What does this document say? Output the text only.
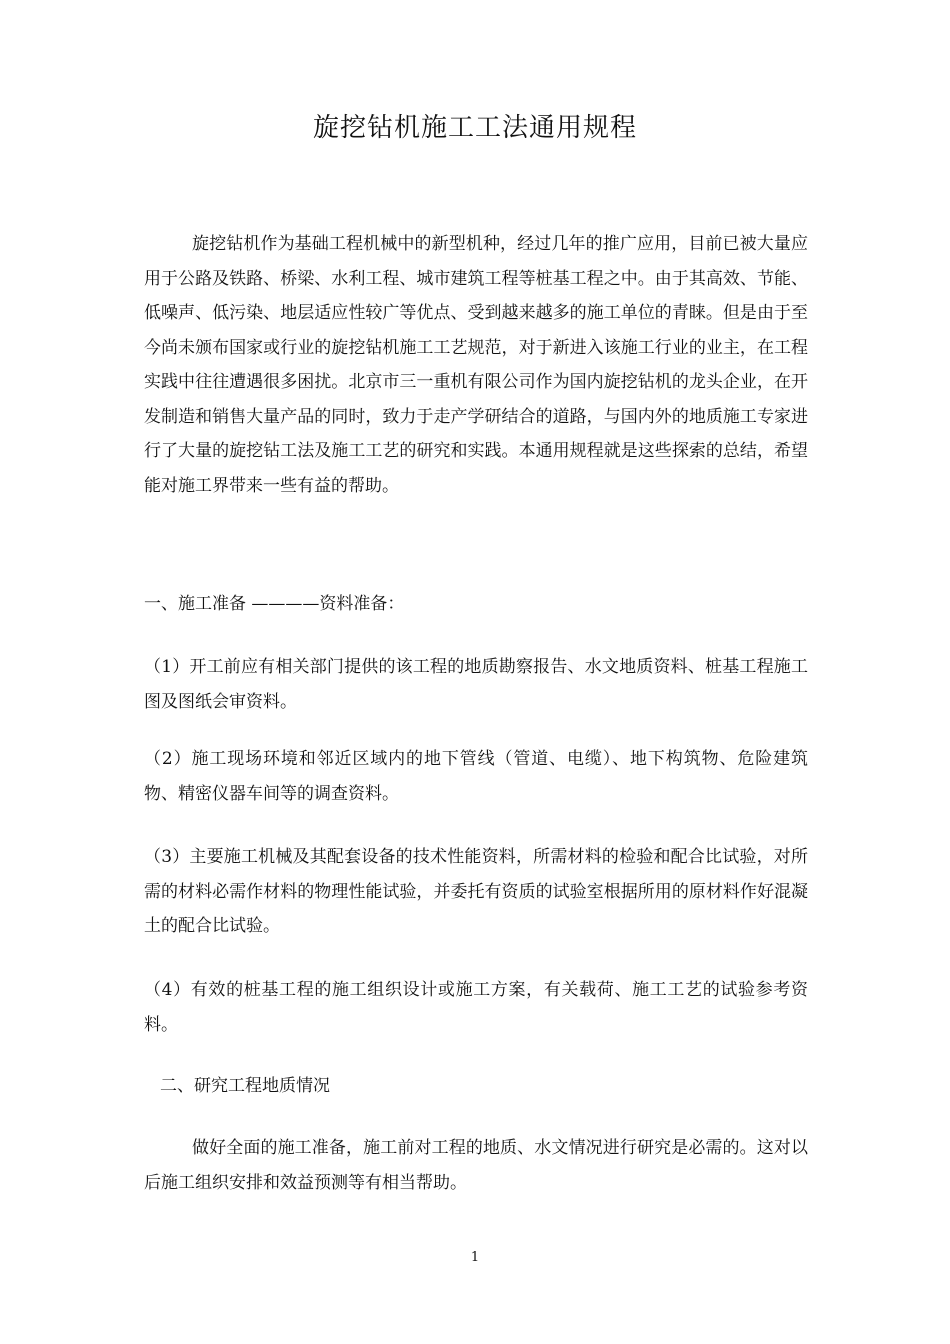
旋挖钻机施工工法通用规程

旋挖钻机作为基础工程机械中的新型机种，经过几年的推广应用，目前已被大量应用于公路及铁路、桥梁、水利工程、城市建筑工程等桩基工程之中。由于其高效、节能、低噪声、低污染、地层适应性较广等优点、受到越来越多的施工单位的青睐。但是由于至今尚未颁布国家或行业的旋挖钻机施工工艺规范，对于新进入该施工行业的业主，在工程实践中往往遭遇很多困扰。北京市三一重机有限公司作为国内旋挖钻机的龙头企业，在开发制造和销售大量产品的同时，致力于走产学研结合的道路，与国内外的地质施工专家进行了大量的旋挖钻工法及施工工艺的研究和实践。本通用规程就是这些探索的总结，希望能对施工界带来一些有益的帮助。

一、施工准备 ————资料准备：

（1）开工前应有相关部门提供的该工程的地质勘察报告、水文地质资料、桩基工程施工图及图纸会审资料。

（2）施工现场环境和邻近区域内的地下管线（管道、电缆）、地下构筑物、危险建筑物、精密仪器车间等的调查资料。

（3）主要施工机械及其配套设备的技术性能资料，所需材料的检验和配合比试验，对所需的材料必需作材料的物理性能试验，并委托有资质的试验室根据所用的原材料作好混凝土的配合比试验。

（4）有效的桩基工程的施工组织设计或施工方案，有关载荷、施工工艺的试验参考资料。

二、研究工程地质情况

做好全面的施工准备，施工前对工程的地质、水文情况进行研究是必需的。这对以后施工组织安排和效益预测等有相当帮助。

1
